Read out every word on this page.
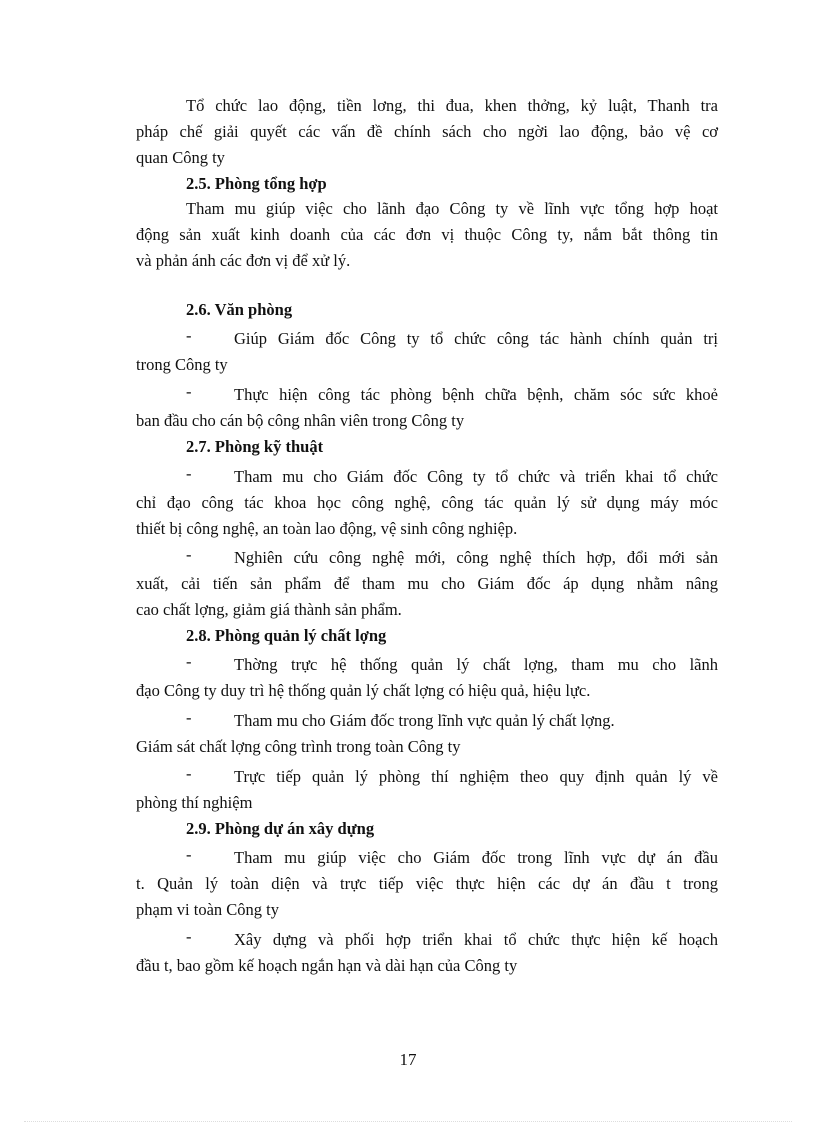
Tổ chức lao động, tiền lơng, thi đua, khen thởng, kỷ luật, Thanh tra
pháp chế giải quyết các vấn đề chính sách cho ngời lao động, bảo vệ cơ
quan Công ty
2.5. Phòng tổng hợp
Tham mu giúp việc cho lãnh đạo Công ty về lĩnh vực tổng hợp hoạt
động sản xuất kinh doanh của các đơn vị thuộc Công ty, nắm bắt thông tin
và phản ánh các đơn vị để xử lý.
2.6. Văn phòng
-	Giúp Giám đốc Công ty tổ chức công tác hành chính quản trị
trong Công ty
-	Thực hiện công tác phòng bệnh chữa bệnh, chăm sóc sức khoẻ
ban đầu cho cán bộ công nhân viên trong Công ty
2.7. Phòng kỹ thuật
-	Tham mu cho Giám đốc Công ty tổ chức và triển khai tổ chức
chỉ đạo công tác khoa học công nghệ, công tác quản lý sử dụng máy móc
thiết bị công nghệ, an toàn lao động, vệ sinh công nghiệp.
-	Nghiên cứu công nghệ mới, công nghệ thích hợp, đổi mới sản
xuất, cải tiến sản phẩm để tham mu cho Giám đốc áp dụng nhằm nâng
cao chất lợng, giảm giá thành sản phẩm.
2.8. Phòng quản lý chất lợng
-	Thờng trực hệ thống quản lý chất lợng, tham mu cho lãnh
đạo Công ty duy trì hệ thống quản lý chất lợng có hiệu quả, hiệu lực.
-	Tham mu cho Giám đốc trong lĩnh vực quản lý chất lợng.
Giám sát chất lợng công trình trong toàn Công ty
-	Trực tiếp quản lý phòng thí nghiệm theo quy định quản lý về
phòng thí nghiệm
2.9. Phòng dự án xây dựng
-	Tham mu giúp việc cho Giám đốc trong lĩnh vực dự án đầu
t. Quản lý toàn diện và trực tiếp việc thực hiện các dự án đầu t trong
phạm vi toàn Công ty
-	Xây dựng và phối hợp triển khai tổ chức thực hiện kế hoạch
đầu t, bao gồm kế hoạch ngắn hạn và dài hạn của Công ty
17
